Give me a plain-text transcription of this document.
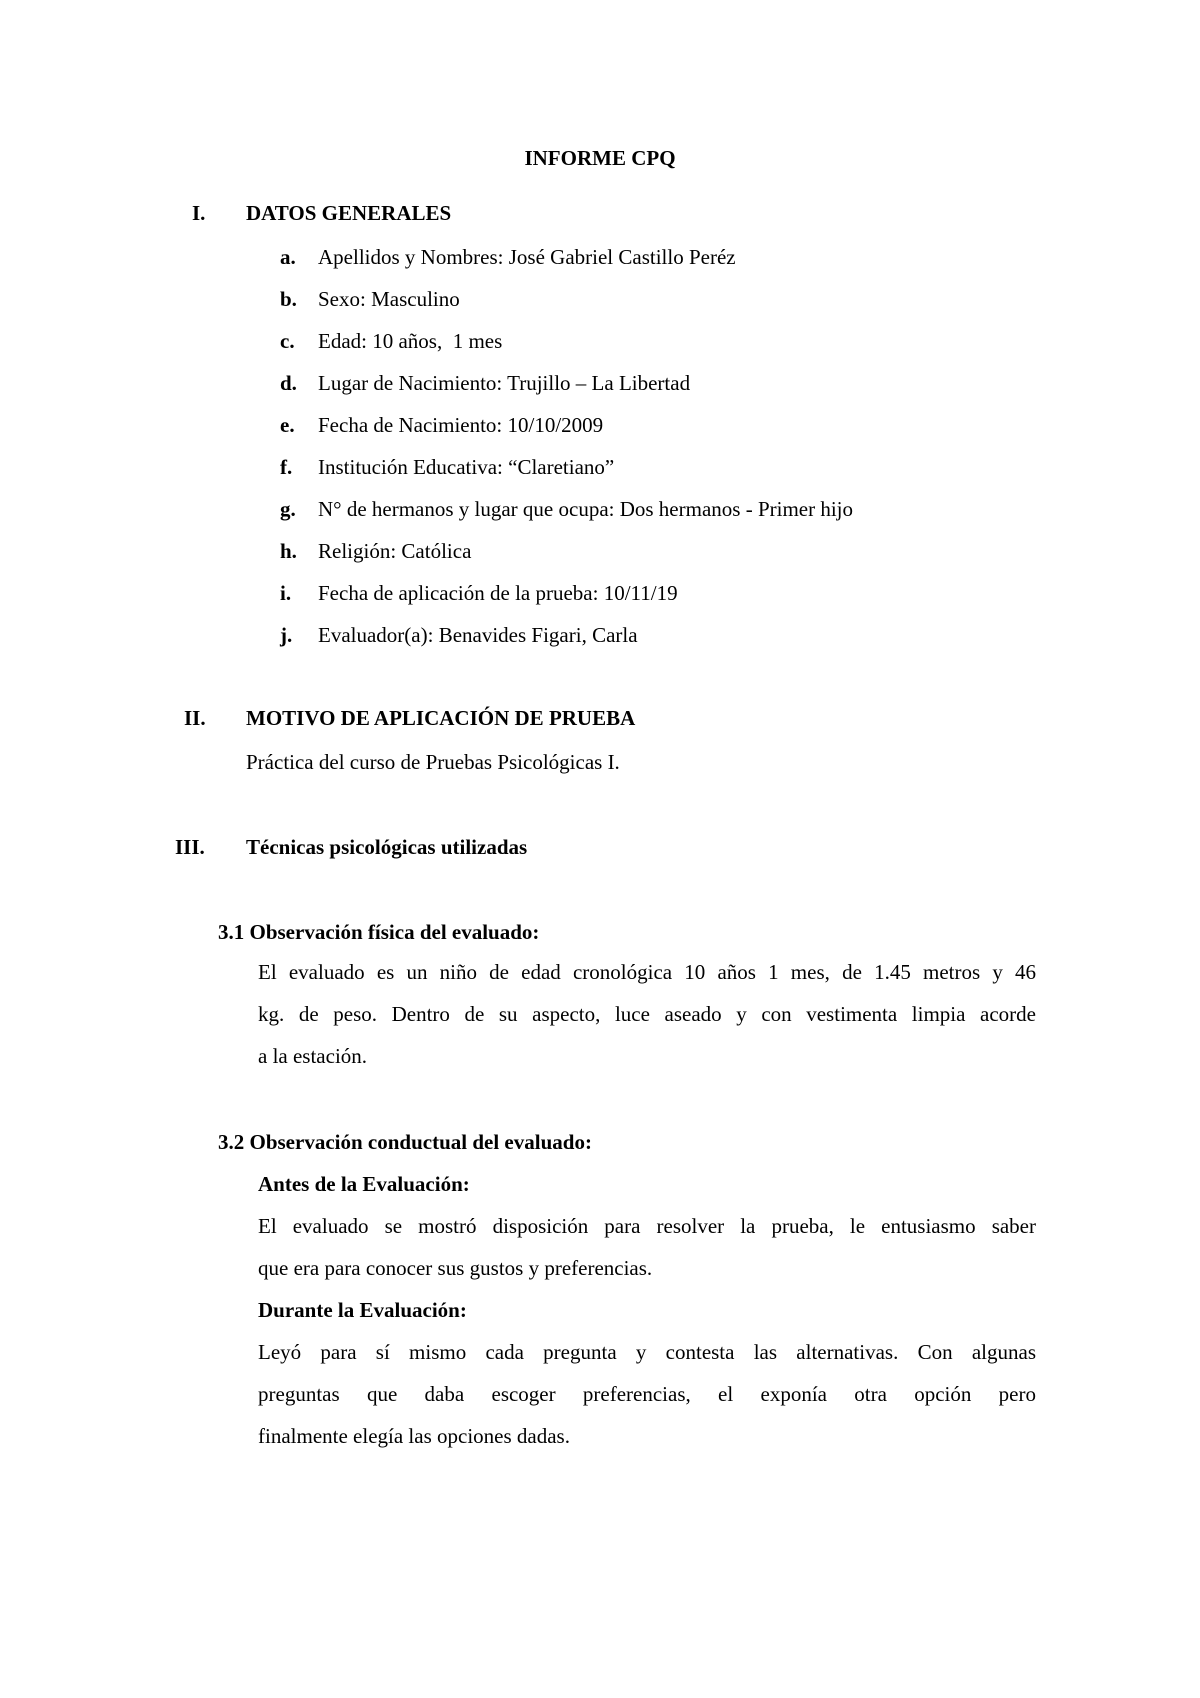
INFORME CPQ
I. DATOS GENERALES
a. Apellidos y Nombres: José Gabriel Castillo Peréz
b. Sexo: Masculino
c. Edad: 10 años,  1 mes
d. Lugar de Nacimiento: Trujillo – La Libertad
e. Fecha de Nacimiento: 10/10/2009
f. Institución Educativa: “Claretiano”
g. N° de hermanos y lugar que ocupa: Dos hermanos - Primer hijo
h. Religión: Católica
i. Fecha de aplicación de la prueba: 10/11/19
j. Evaluador(a): Benavides Figari, Carla
II. MOTIVO DE APLICACIÓN DE PRUEBA
Práctica del curso de Pruebas Psicológicas I.
III. Técnicas psicológicas utilizadas
3.1 Observación física del evaluado:
El evaluado es un niño de edad cronológica 10 años 1 mes, de 1.45 metros y 46
kg. de peso. Dentro de su aspecto, luce aseado y con vestimenta limpia acorde
a la estación.
3.2 Observación conductual del evaluado:
Antes de la Evaluación:
El evaluado se mostró disposición para resolver la prueba, le entusiasmo saber
que era para conocer sus gustos y preferencias.
Durante la Evaluación:
Leyó para sí mismo cada pregunta y contesta las alternativas. Con algunas
preguntas que daba escoger preferencias, el exponía otra opción pero
finalmente elegía las opciones dadas.
